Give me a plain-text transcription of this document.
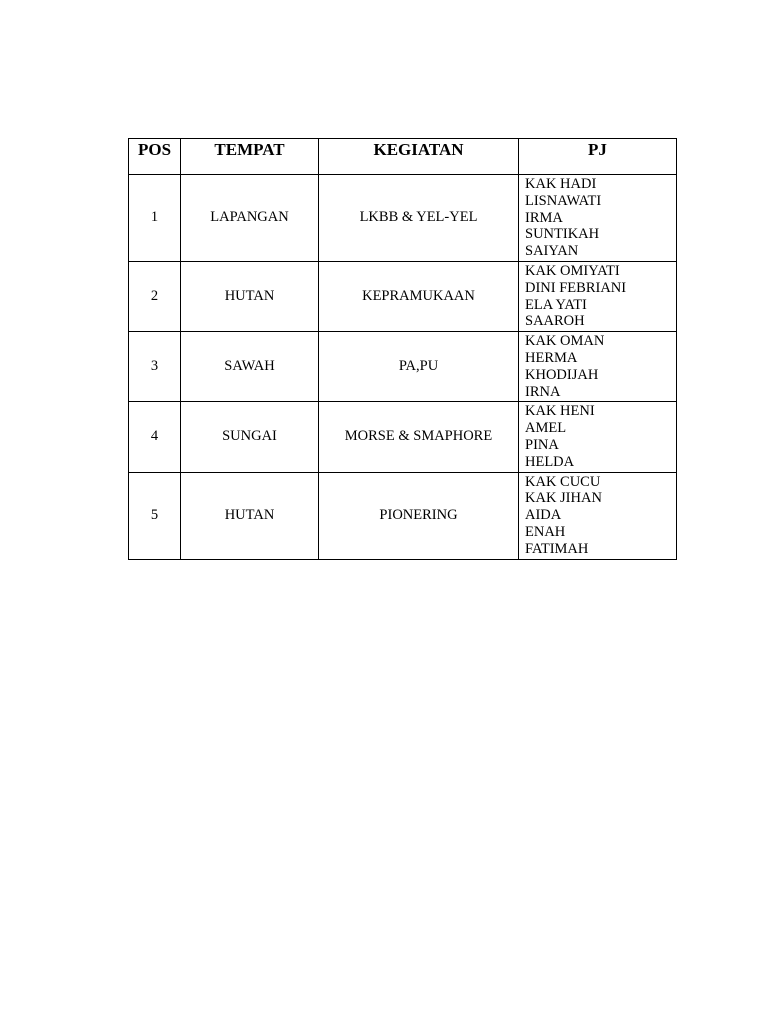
POS	TEMPAT	KEGIATAN	PJ
1	LAPANGAN	LKBB & YEL-YEL	KAK HADI
LISNAWATI
IRMA
SUNTIKAH
SAIYAN

2	HUTAN	KEPRAMUKAAN	KAK OMIYATI
DINI FEBRIANI
ELA YATI
SAAROH

3	SAWAH	PA,PU	KAK OMAN
HERMA
KHODIJAH
IRNA

4	SUNGAI	MORSE & SMAPHORE	KAK HENI
AMEL
PINA
HELDA

5	HUTAN	PIONERING	KAK CUCU
KAK JIHAN
AIDA
ENAH
FATIMAH
